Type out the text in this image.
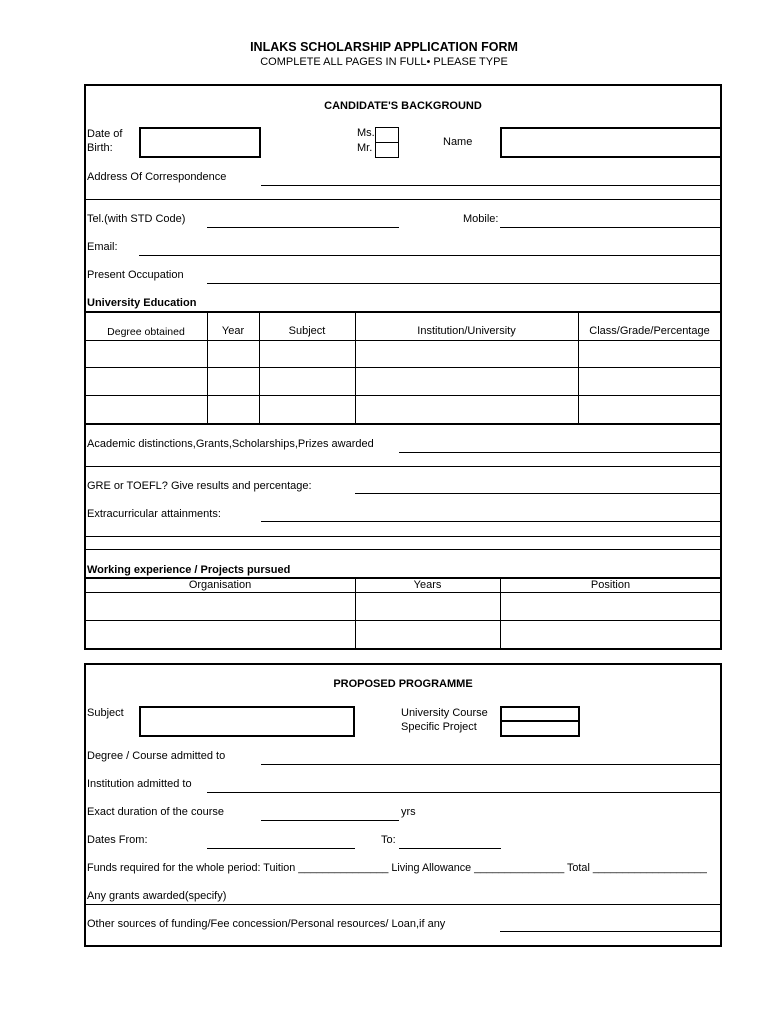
INLAKS SCHOLARSHIP APPLICATION FORM
COMPLETE ALL PAGES IN FULL• PLEASE TYPE
CANDIDATE'S BACKGROUND
Date of
Birth:
Ms.
Mr.	Name
Address Of Correspondence
Tel.(with STD Code)	Mobile:
Email:
Present Occupation
University Education
Degree obtained	Year	Subject	Institution/University	Class/Grade/Percentage
Academic distinctions,Grants,Scholarships,Prizes awarded
GRE or TOEFL? Give results and percentage:
Extracurricular attainments:
Working experience / Projects pursued
Organisation	Years	Position
PROPOSED PROGRAMME
Subject	University Course
Specific Project
Degree / Course admitted to
Institution admitted to
Exact duration of the course	yrs
Dates From:	To:
Funds required for the whole period: Tuition _______________ Living Allowance _______________ Total ___________________
Any grants awarded(specify)
Other sources of funding/Fee concession/Personal resources/ Loan,if any
